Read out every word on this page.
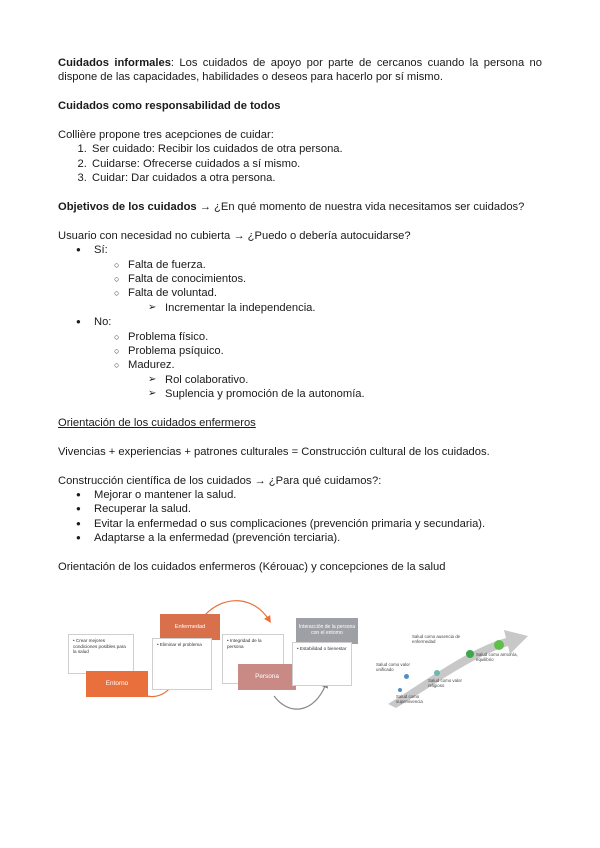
Cuidados informales: Los cuidados de apoyo por parte de cercanos cuando la persona no dispone de las capacidades, habilidades o deseos para hacerlo por sí mismo.

Cuidados como responsabilidad de todos

Collière propone tres acepciones de cuidar:

1. Ser cuidado: Recibir los cuidados de otra persona.
2. Cuidarse: Ofrecerse cuidados a sí mismo.
3. Cuidar: Dar cuidados a otra persona.

Objetivos de los cuidados → ¿En qué momento de nuestra vida necesitamos ser cuidados?

Usuario con necesidad no cubierta → ¿Puedo o debería autocuidarse?

● Sí:
○ Falta de fuerza.
○ Falta de conocimientos.
○ Falta de voluntad.
➢ Incrementar la independencia.
● No:
○ Problema físico.
○ Problema psíquico.
○ Madurez.
➢ Rol colaborativo.
➢ Suplencia y promoción de la autonomía.

Orientación de los cuidados enfermeros

Vivencias + experiencias + patrones culturales = Construcción cultural de los cuidados.

Construcción científica de los cuidados → ¿Para qué cuidamos?:

● Mejorar o mantener la salud.
● Recuperar la salud.
● Evitar la enfermedad o sus complicaciones (prevención primaria y secundaria).
● Adaptarse a la enfermedad (prevención terciaria).

Orientación de los cuidados enfermeros (Kérouac) y concepciones de la salud

• Crear mejores condiciones posibles para la salud
Entorno
Enfermedad
• Eliminar el problema
• Integridad de la persona
Persona
Interacción de la persona con el entorno
• Estabilidad o bienestar
Salud como ausencia de enfermedad
Salud como armonía, equilibrio
Salud como valor unificado
Salud como valor religioso
Salud como supervivencia
